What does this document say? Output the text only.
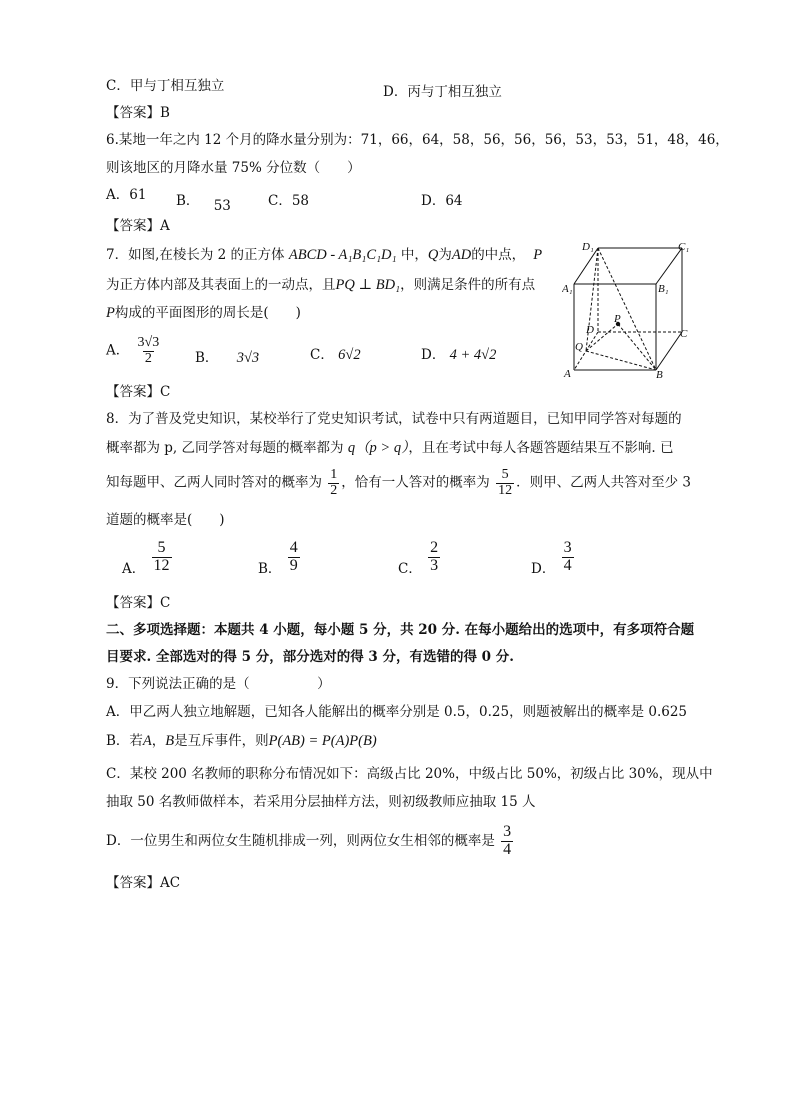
C．甲与丁相互独立	D．丙与丁相互独立
【答案】B
6.某地一年之内 12 个月的降水量分别为：71，66，64，58，56，56，56，53，53，51，48，46，
则该地区的月降水量 75% 分位数（　　）
A．61 B． 53	C．58	D．64
【答案】A
7．如图,在棱长为 2 的正方体 ABCD - A₁B₁C₁D₁ 中，Q为AD的中点， P
为正方体内部及其表面上的一动点，且PQ ⊥ BD₁，则满足条件的所有点
P构成的平面图形的周长是(　　)
A． $\frac{3√3}{2}$	B． 3√3	C． 6√2	D． 4 + 4√2
【答案】C
D₁	C₁
A₁	B₁
D	C
P
Q
A	B
8．为了普及党史知识，某校举行了党史知识考试，试卷中只有两道题目，已知甲同学答对每题的
概率都为 p, 乙同学答对每题的概率都为 q（p > q），且在考试中每人各题答题结果互不影响. 已
知每题甲、乙两人同时答对的概率为 $\frac{1}{2}$ ，恰有一人答对的概率为 $\frac{5}{12}$ ．则甲、乙两人共答对至少 3
道题的概率是(　　)
A． $\frac{5}{12}$	B． $\frac{4}{9}$	C． $\frac{2}{3}$	D． $\frac{3}{4}$
【答案】C
二、多项选择题：本题共 4 小题，每小题 5 分，共 20 分. 在每小题给出的选项中，有多项符合题
目要求. 全部选对的得 5 分，部分选对的得 3 分，有选错的得 0 分.
9．下列说法正确的是（　　　　　）
A．甲乙两人独立地解题，已知各人能解出的概率分别是 0.5，0.25，则题被解出的概率是 0.625
B．若A，B是互斥事件，则P(AB) = P(A)P(B)
C．某校 200 名教师的职称分布情况如下：高级占比 20%，中级占比 50%，初级占比 30%，现从中
抽取 50 名教师做样本，若采用分层抽样方法，则初级教师应抽取 15 人
D．一位男生和两位女生随机排成一列，则两位女生相邻的概率是 $\frac{3}{4}$
【答案】AC
